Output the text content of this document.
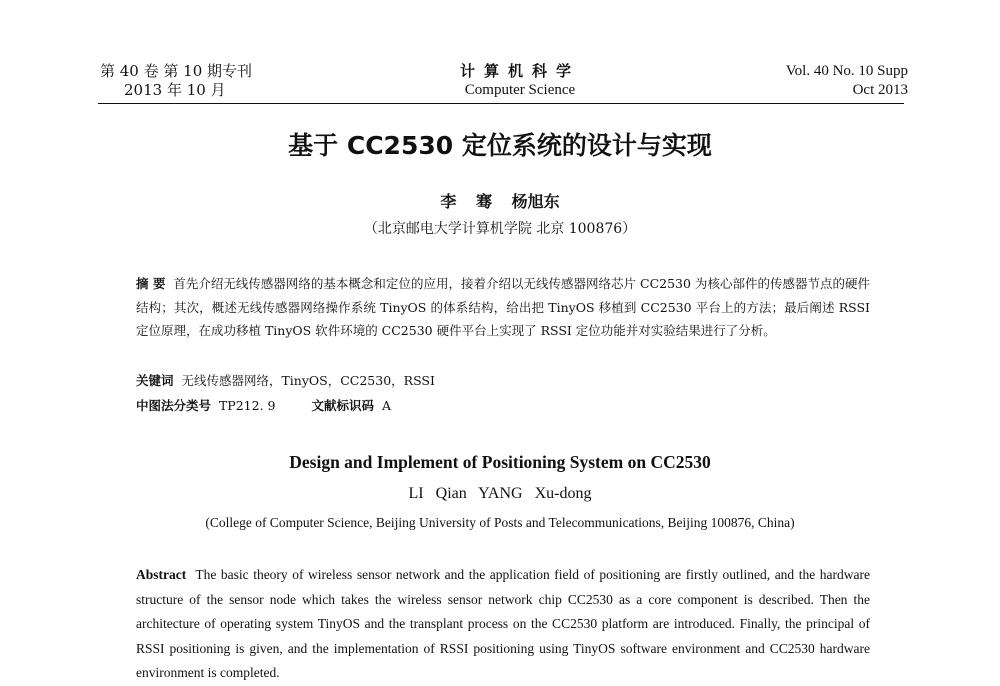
第 40 卷 第 10 期专刊
2013 年 10 月
计算机科学
Computer Science
Vol. 40 No. 10 Supp
Oct 2013
基于 CC2530 定位系统的设计与实现
李 骞 杨旭东
（北京邮电大学计算机学院 北京 100876）
摘 要 首先介绍无线传感器网络的基本概念和定位的应用，接着介绍以无线传感器网络芯片 CC2530 为核心部件的传感器节点的硬件结构；其次，概述无线传感器网络操作系统 TinyOS 的体系结构，给出把 TinyOS 移植到 CC2530 平台上的方法；最后阐述 RSSI 定位原理，在成功移植 TinyOS 软件环境的 CC2530 硬件平台上实现了 RSSI 定位功能并对实验结果进行了分析。
关键词 无线传感器网络，TinyOS，CC2530，RSSI
中图法分类号 TP212. 9	文献标识码 A
Design and Implement of Positioning System on CC2530
LI Qian YANG Xu-dong
(College of Computer Science, Beijing University of Posts and Telecommunications, Beijing 100876, China)
Abstract The basic theory of wireless sensor network and the application field of positioning are firstly outlined, and the hardware structure of the sensor node which takes the wireless sensor network chip CC2530 as a core component is described. Then the architecture of operating system TinyOS and the transplant process on the CC2530 platform are introduced. Finally, the principal of RSSI positioning is given, and the implementation of RSSI positioning using TinyOS software environment and CC2530 hardware environment is completed.
